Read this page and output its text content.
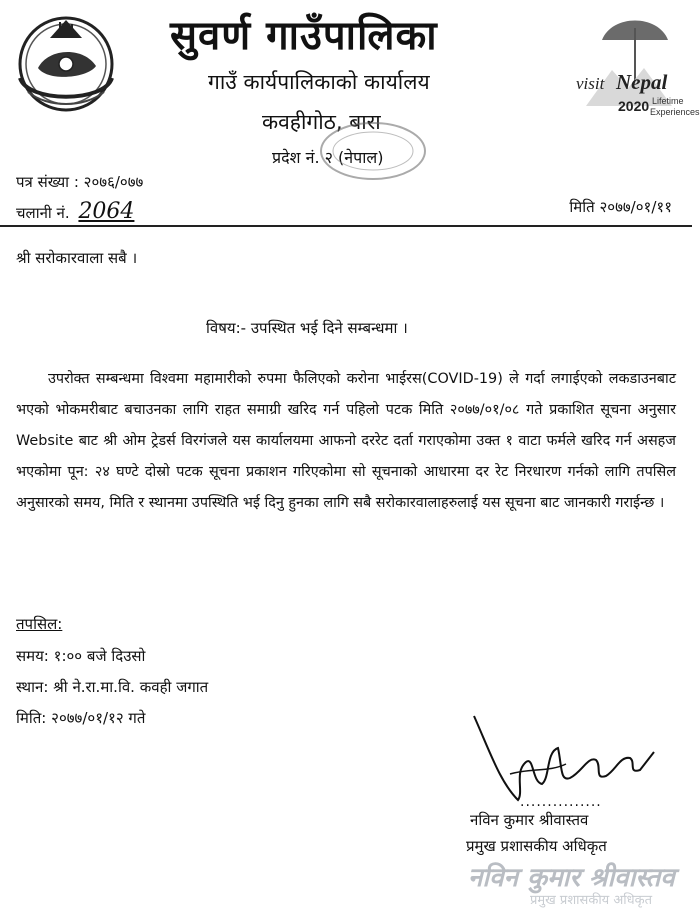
सुवर्ण गाउँपालिका
गाउँ कार्यपालिकाको कार्यालय
कवहीगोठ, बारा
प्रदेश नं. २ (नेपाल)
visit Nepal
2020 Lifetime
Experiences
पत्र संख्या : २०७६/०७७
चलानी नं. 2064	मिति २०७७/०१/११
श्री सरोकारवाला सबै ।
विषय:- उपस्थित भई दिने सम्बन्धमा ।
उपरोक्त सम्बन्धमा विश्वमा महामारीको रुपमा फैलिएको करोना भाईरस(COVID-19) ले गर्दा लगाईएको लकडाउनबाट भएको भोकमरीबाट बचाउनका लागि राहत समाग्री खरिद गर्न पहिलो पटक मिति २०७७/०१/०८ गते प्रकाशित सूचना अनुसार Website बाट श्री ओम ट्रेडर्स विरगंजले यस कार्यालयमा आफनो दररेट दर्ता गराएकोमा उक्त १ वाटा फर्मले खरिद गर्न असहज भएकोमा पून: २४ घण्टे दोस्रो पटक सूचना प्रकाशन गरिएकोमा सो सूचनाको आधारमा दर रेट निरधारण गर्नको लागि तपसिल अनुसारको समय, मिति र स्थानमा उपस्थिति भई दिनु हुनका लागि सबै सरोकारवालाहरुलाई यस सूचना बाट जानकारी गराईन्छ ।
तपसिल:
समय: १:०० बजे दिउसो
स्थान: श्री ने.रा.मा.वि. कवही जगात
मिति: २०७७/०१/१२ गते
...............
नविन कुमार श्रीवास्तव
प्रमुख प्रशासकीय अधिकृत
नविन कुमार श्रीवास्तव
प्रमुख प्रशासकीय अधिकृत
